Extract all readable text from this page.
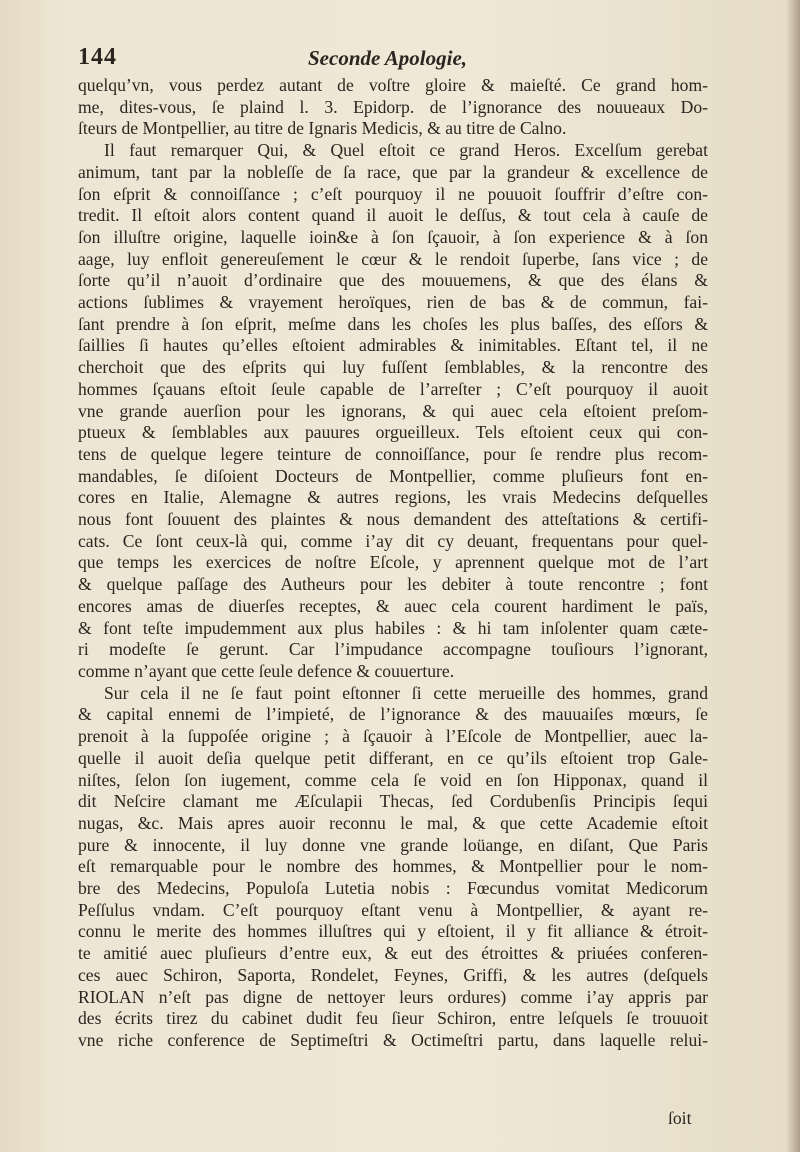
144	Seconde Apologie,
quelqu’vn, vous perdez autant de voſtre gloire & maieſté. Ce grand hom-
me, dites-vous, ſe plaind l. 3. Epidorp. de l’ignorance des nouueaux Do-
ſteurs de Montpellier, au titre de Ignaris Medicis, & au titre de Calno.
Il faut remarquer Qui, & Quel eſtoit ce grand Heros. Excelſum gerebat
animum, tant par la nobleſſe de ſa race, que par la grandeur & excellence de
ſon eſprit & connoiſſance ; c’eſt pourquoy il ne pouuoit ſouffrir d’eſtre con-
tredit. Il eſtoit alors content quand il auoit le deſſus, & tout cela à cauſe de
ſon illuſtre origine, laquelle ioin&e à ſon ſçauoir, à ſon experience & à ſon
aage, luy enfloit genereuſement le cœur & le rendoit ſuperbe, ſans vice ; de
ſorte qu’il n’auoit d’ordinaire que des mouuemens, & que des élans &
actions ſublimes & vrayement heroïques, rien de bas & de commun, fai-
ſant prendre à ſon eſprit, meſme dans les choſes les plus baſſes, des eſſors &
ſaillies ſi hautes qu’elles eſtoient admirables & inimitables. Eſtant tel, il ne
cherchoit que des eſprits qui luy fuſſent ſemblables, & la rencontre des
hommes ſçauans eſtoit ſeule capable de l’arreſter ; C’eſt pourquoy il auoit
vne grande auerſion pour les ignorans, & qui auec cela eſtoient preſom-
ptueux & ſemblables aux pauures orgueilleux. Tels eſtoient ceux qui con-
tens de quelque legere teinture de connoiſſance, pour ſe rendre plus recom-
mandables, ſe diſoient Docteurs de Montpellier, comme pluſieurs font en-
cores en Italie, Alemagne & autres regions, les vrais Medecins deſquelles
nous font ſouuent des plaintes & nous demandent des atteſtations & certifi-
cats. Ce ſont ceux-là qui, comme i’ay dit cy deuant, frequentans pour quel-
que temps les exercices de noſtre Eſcole, y aprennent quelque mot de l’art
& quelque paſſage des Autheurs pour les debiter à toute rencontre ; font
encores amas de diuerſes receptes, & auec cela courent hardiment le païs,
& font teſte impudemment aux plus habiles : & hi tam inſolenter quam cæte-
ri modeſte ſe gerunt. Car l’impudance accompagne touſiours l’ignorant,
comme n’ayant que cette ſeule defence & couuerture.
Sur cela il ne ſe faut point eſtonner ſi cette merueille des hommes, grand
& capital ennemi de l’impieté, de l’ignorance & des mauuaiſes mœurs, ſe
prenoit à la ſuppoſée origine ; à ſçauoir à l’Eſcole de Montpellier, auec la-
quelle il auoit deſia quelque petit differant, en ce qu’ils eſtoient trop Gale-
niſtes, ſelon ſon iugement, comme cela ſe void en ſon Hipponax, quand il
dit Neſcire clamant me Æſculapii Thecas, ſed Cordubenſis Principis ſequi
nugas, &c. Mais apres auoir reconnu le mal, & que cette Academie eſtoit
pure & innocente, il luy donne vne grande loüange, en diſant, Que Paris
eſt remarquable pour le nombre des hommes, & Montpellier pour le nom-
bre des Medecins, Populoſa Lutetia nobis : Fœcundus vomitat Medicorum
Peſſulus vndam. C’eſt pourquoy eſtant venu à Montpellier, & ayant re-
connu le merite des hommes illuſtres qui y eſtoient, il y fit alliance & étroit-
te amitié auec pluſieurs d’entre eux, & eut des étroittes & priuées conferen-
ces auec Schiron, Saporta, Rondelet, Feynes, Griffi, & les autres (deſquels
RIOLAN n’eſt pas digne de nettoyer leurs ordures) comme i’ay appris par
des écrits tirez du cabinet dudit feu ſieur Schiron, entre leſquels ſe trouuoit
vne riche conference de Septimeſtri & Octimeſtri partu, dans laquelle relui-
ſoit
